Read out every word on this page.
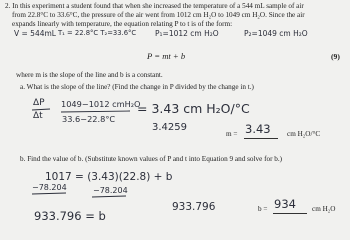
2. In this experiment a student found that when she increased the temperature of a 544 mL sample of air
from 22.8°C to 33.6°C, the pressure of the air went from 1012 cm H₂O to 1049 cm H₂O. Since the air
expands linearly with temperature, the equation relating P to t is of the form:
V = 544mL T₁ = 22.8°C T₂=33.6°C	P₁=1012 cm H₂O	P₂=1049 cm H₂O
P = mt + b	(9)
where m is the slope of the line and b is a constant.
a. What is the slope of the line? (Find the change in P divided by the change in t.)
ΔP
Δt
1049−1012 cmH₂O
33.6−22.8°C
= 3.43 cm H₂O/°C
3.4259
m = 3.43 cm H₂O/°C
b. Find the value of b. (Substitute known values of P and t into Equation 9 and solve for b.)
1017 = (3.43)(22.8) + b
−78.204	−78.204
933.796 = b
933.796	b = 934 cm H₂O
